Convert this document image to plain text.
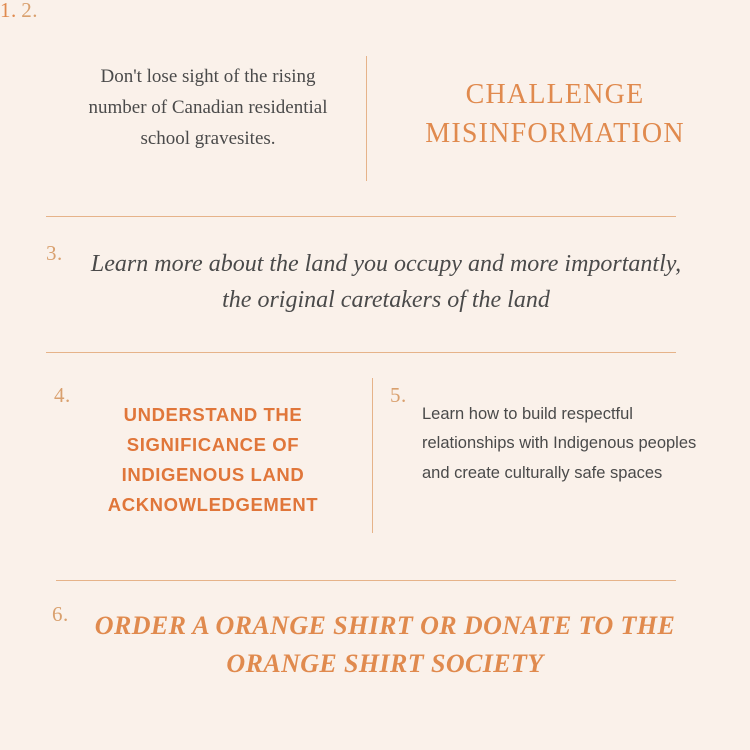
1.
Don't lose sight of the rising number of Canadian residential school gravesites.
2.
CHALLENGE MISINFORMATION
3. Learn more about the land you occupy and more importantly, the original caretakers of the land
4.
UNDERSTAND THE SIGNIFICANCE OF INDIGENOUS LAND ACKNOWLEDGEMENT
5.
Learn how to build respectful relationships with Indigenous peoples and create culturally safe spaces
6.	ORDER A ORANGE SHIRT OR DONATE TO THE ORANGE SHIRT SOCIETY
